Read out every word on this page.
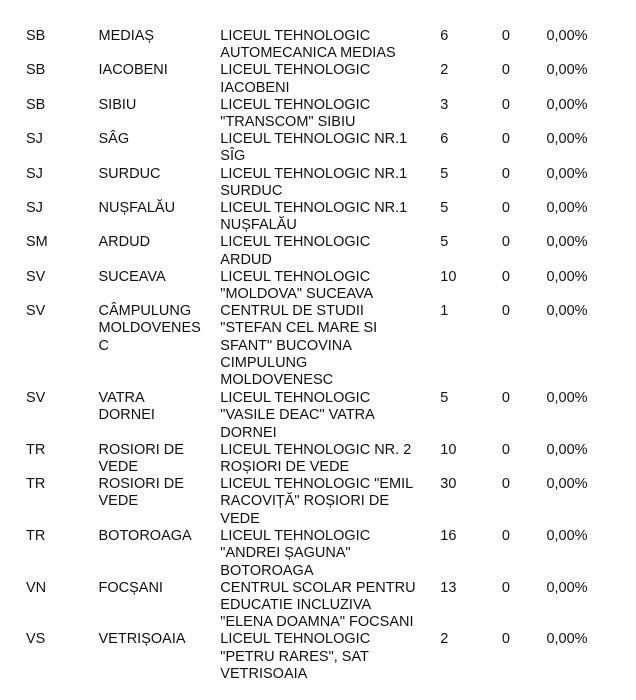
SB	MEDIAȘ	LICEUL TEHNOLOGIC
AUTOMECANICA MEDIAS	6	0	0,00%
SB	IACOBENI	LICEUL TEHNOLOGIC
IACOBENI	2	0	0,00%
SB	SIBIU	LICEUL TEHNOLOGIC
"TRANSCOM" SIBIU	3	0	0,00%
SJ	SÂG	LICEUL TEHNOLOGIC NR.1
SÎG	6	0	0,00%
SJ	SURDUC	LICEUL TEHNOLOGIC NR.1
SURDUC	5	0	0,00%
SJ	NUȘFALĂU	LICEUL TEHNOLOGIC NR.1
NUȘFALĂU	5	0	0,00%
SM	ARDUD	LICEUL TEHNOLOGIC
ARDUD	5	0	0,00%
SV	SUCEAVA	LICEUL TEHNOLOGIC
"MOLDOVA" SUCEAVA	10	0	0,00%
SV	CÂMPULUNG
MOLDOVENES
C	CENTRUL DE STUDII
"STEFAN CEL MARE SI
SFANT" BUCOVINA
CIMPULUNG
MOLDOVENESC	1	0	0,00%
SV	VATRA
DORNEI	LICEUL TEHNOLOGIC
"VASILE DEAC" VATRA
DORNEI	5	0	0,00%
TR	ROSIORI DE
VEDE	LICEUL TEHNOLOGIC NR. 2
ROȘIORI DE VEDE	10	0	0,00%
TR	ROSIORI DE
VEDE	LICEUL TEHNOLOGIC "EMIL
RACOVIȚĂ" ROȘIORI DE
VEDE	30	0	0,00%
TR	BOTOROAGA	LICEUL TEHNOLOGIC
"ANDREI ȘAGUNA"
BOTOROAGA	16	0	0,00%
VN	FOCȘANI	CENTRUL SCOLAR PENTRU
EDUCATIE INCLUZIVA
"ELENA DOAMNA" FOCSANI	13	0	0,00%
VS	VETRIȘOAIA	LICEUL TEHNOLOGIC
"PETRU RARES", SAT
VETRISOAIA	2	0	0,00%
